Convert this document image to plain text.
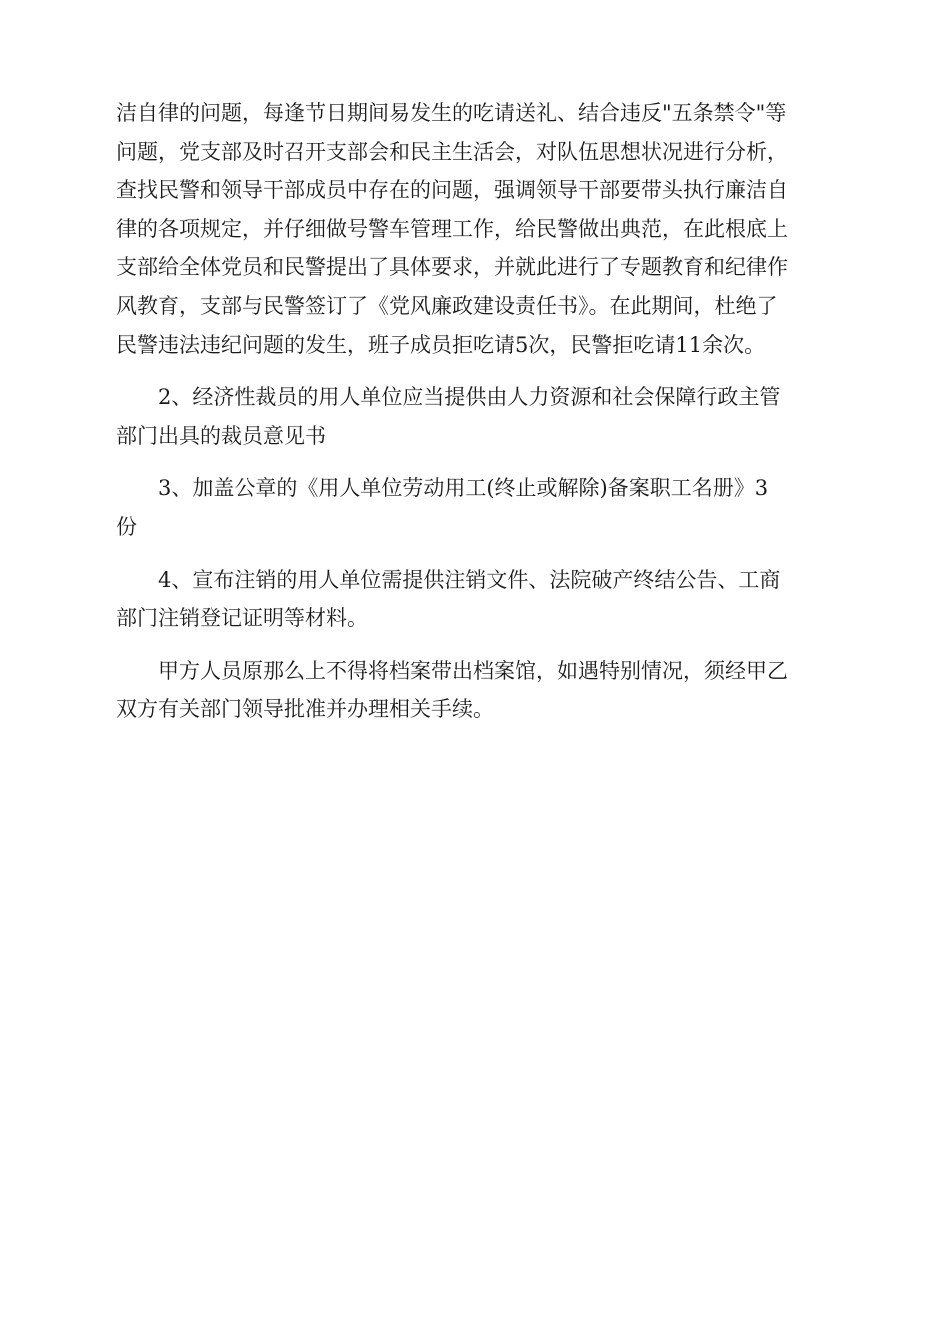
洁自律的问题，每逢节日期间易发生的吃请送礼、结合违反"五条禁令"等
问题，党支部及时召开支部会和民主生活会，对队伍思想状况进行分析，
查找民警和领导干部成员中存在的问题，强调领导干部要带头执行廉洁自
律的各项规定，并仔细做号警车管理工作，给民警做出典范，在此根底上
支部给全体党员和民警提出了具体要求，并就此进行了专题教育和纪律作
风教育，支部与民警签订了《党风廉政建设责任书》。在此期间，杜绝了
民警违法违纪问题的发生，班子成员拒吃请5次，民警拒吃请11余次。

　　2、经济性裁员的用人单位应当提供由人力资源和社会保障行政主管
部门出具的裁员意见书

　　3、加盖公章的《用人单位劳动用工(终止或解除)备案职工名册》3
份

　　4、宣布注销的用人单位需提供注销文件、法院破产终结公告、工商
部门注销登记证明等材料。

　　甲方人员原那么上不得将档案带出档案馆，如遇特别情况，须经甲乙
双方有关部门领导批准并办理相关手续。
